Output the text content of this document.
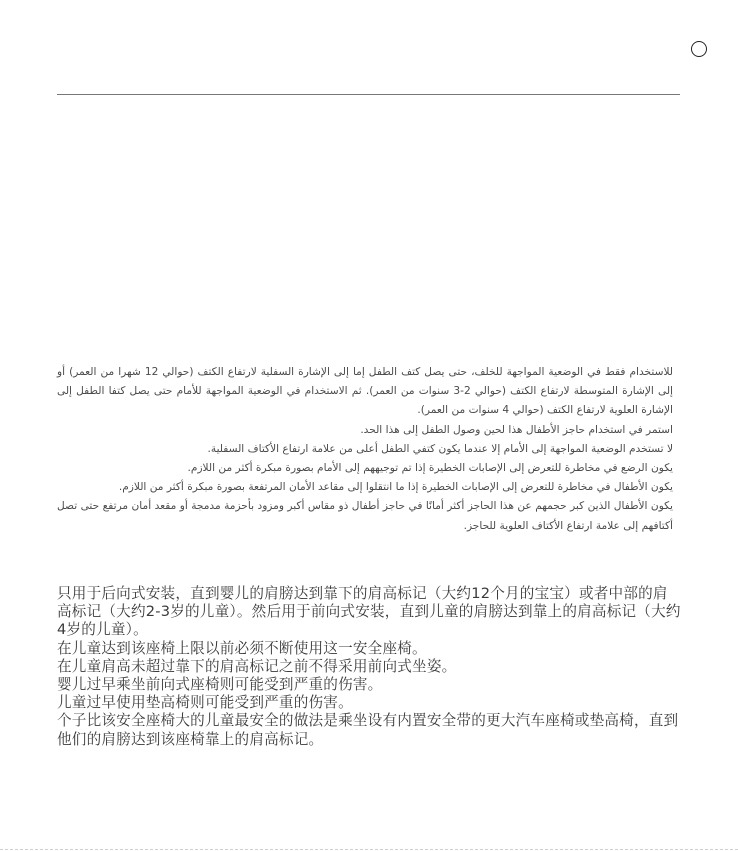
للاستخدام فقط في الوضعية المواجهة للخلف، حتى يصل كتف الطفل إما إلى الإشارة السفلية لارتفاع الكتف (حوالي 12 شهرا من العمر) أو إلى الإشارة المتوسطة لارتفاع الكتف (حوالي 2-3 سنوات من العمر). ثم الاستخدام في الوضعية المواجهة للأمام حتى يصل كتفا الطفل إلى الإشارة العلوية لارتفاع الكتف (حوالي 4 سنوات من العمر).
استمر في استخدام حاجز الأطفال هذا لحين وصول الطفل إلى هذا الحد.
لا تستخدم الوضعية المواجهة إلى الأمام إلا عندما يكون كتفي الطفل أعلى من علامة ارتفاع الأكتاف السفلية.
يكون الرضع في مخاطرة للتعرض إلى الإصابات الخطيرة إذا تم توجيههم إلى الأمام بصورة مبكرة أكثر من اللازم.
يكون الأطفال في مخاطرة للتعرض إلى الإصابات الخطيرة إذا ما انتقلوا إلى مقاعد الأمان المرتفعة بصورة مبكرة أكثر من اللازم.
يكون الأطفال الذين كبر حجمهم عن هذا الحاجز أكثر أمانًا في حاجز أطفال ذو مقاس أكبر ومزود بأحزمة مدمجة أو مقعد أمان مرتفع حتى تصل أكتافهم إلى علامة ارتفاع الأكتاف العلوية للحاجز.
只用于后向式安装，直到婴儿的肩膀达到靠下的肩高标记（大约12个月的宝宝）或者中部的肩高标记（大约2-3岁的儿童）。然后用于前向式安装，直到儿童的肩膀达到靠上的肩高标记（大约4岁的儿童）。
在儿童达到该座椅上限以前必须不断使用这一安全座椅。
在儿童肩高未超过靠下的肩高标记之前不得采用前向式坐姿。
婴儿过早乘坐前向式座椅则可能受到严重的伤害。
儿童过早使用垫高椅则可能受到严重的伤害。
个子比该安全座椅大的儿童最安全的做法是乘坐设有内置安全带的更大汽车座椅或垫高椅，直到他们的肩膀达到该座椅靠上的肩高标记。
